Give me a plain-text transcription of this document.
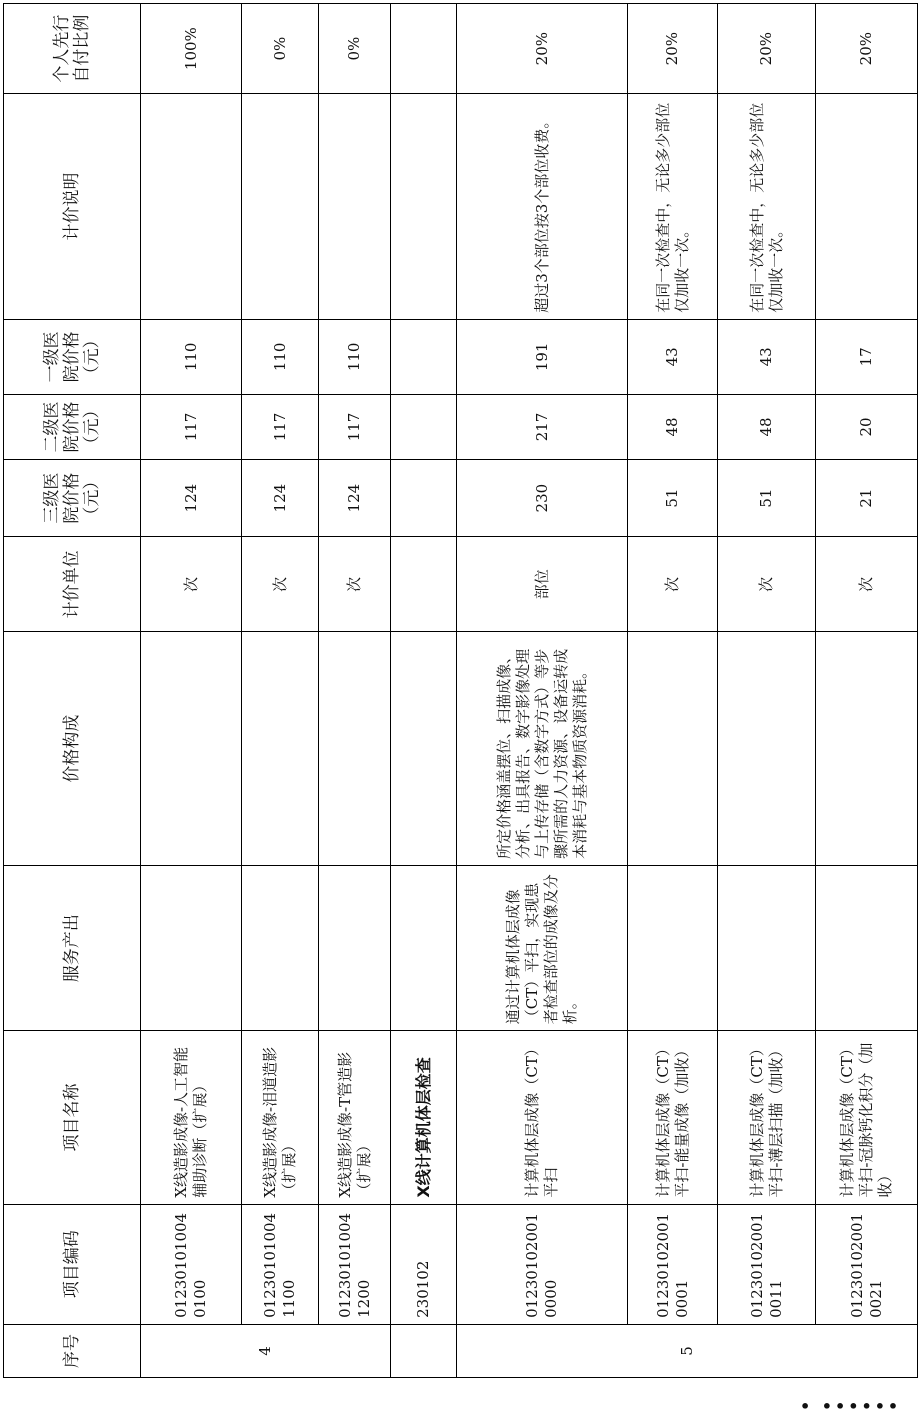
序号	项目编码	项目名称	服务产出	价格构成	计价单位	三级医院价格（元）	二级医院价格（元）	一级医院价格（元）	计价说明	个人先行自付比例
4	012301010040100	X线造影成像-人工智能辅助诊断（扩展）			次	124	117	110		100%
	012301010041100	X线造影成像-泪道造影（扩展）			次	124	117	110		0%
	012301010041200	X线造影成像-T管造影（扩展）			次	124	117	110		0%
	230102	X线计算机体层检查								
5	012301020010000	计算机体层成像（CT）平扫	通过计算机体层成像（CT）平扫，实现患者检查部位的成像及分析。	所定价格涵盖摆位、扫描成像、分析、出具报告、数字影像处理与上传存储（含数字方式）等步骤所需的人力资源、设备运转成本消耗与基本物质资源消耗。	部位	230	217	191	超过3个部位按3个部位收费。	20%
	012301020010001	计算机体层成像（CT）平扫-能量成像（加收）			次	51	48	43	在同一次检查中，无论多少部位仅加收一次。	20%
	012301020010011	计算机体层成像（CT）平扫-薄层扫描（加收）			次	51	48	43	在同一次检查中，无论多少部位仅加收一次。	20%
	012301020010021	计算机体层成像（CT）平扫-冠脉钙化积分（加收）			次	21	20	17		20%
• ••••••
